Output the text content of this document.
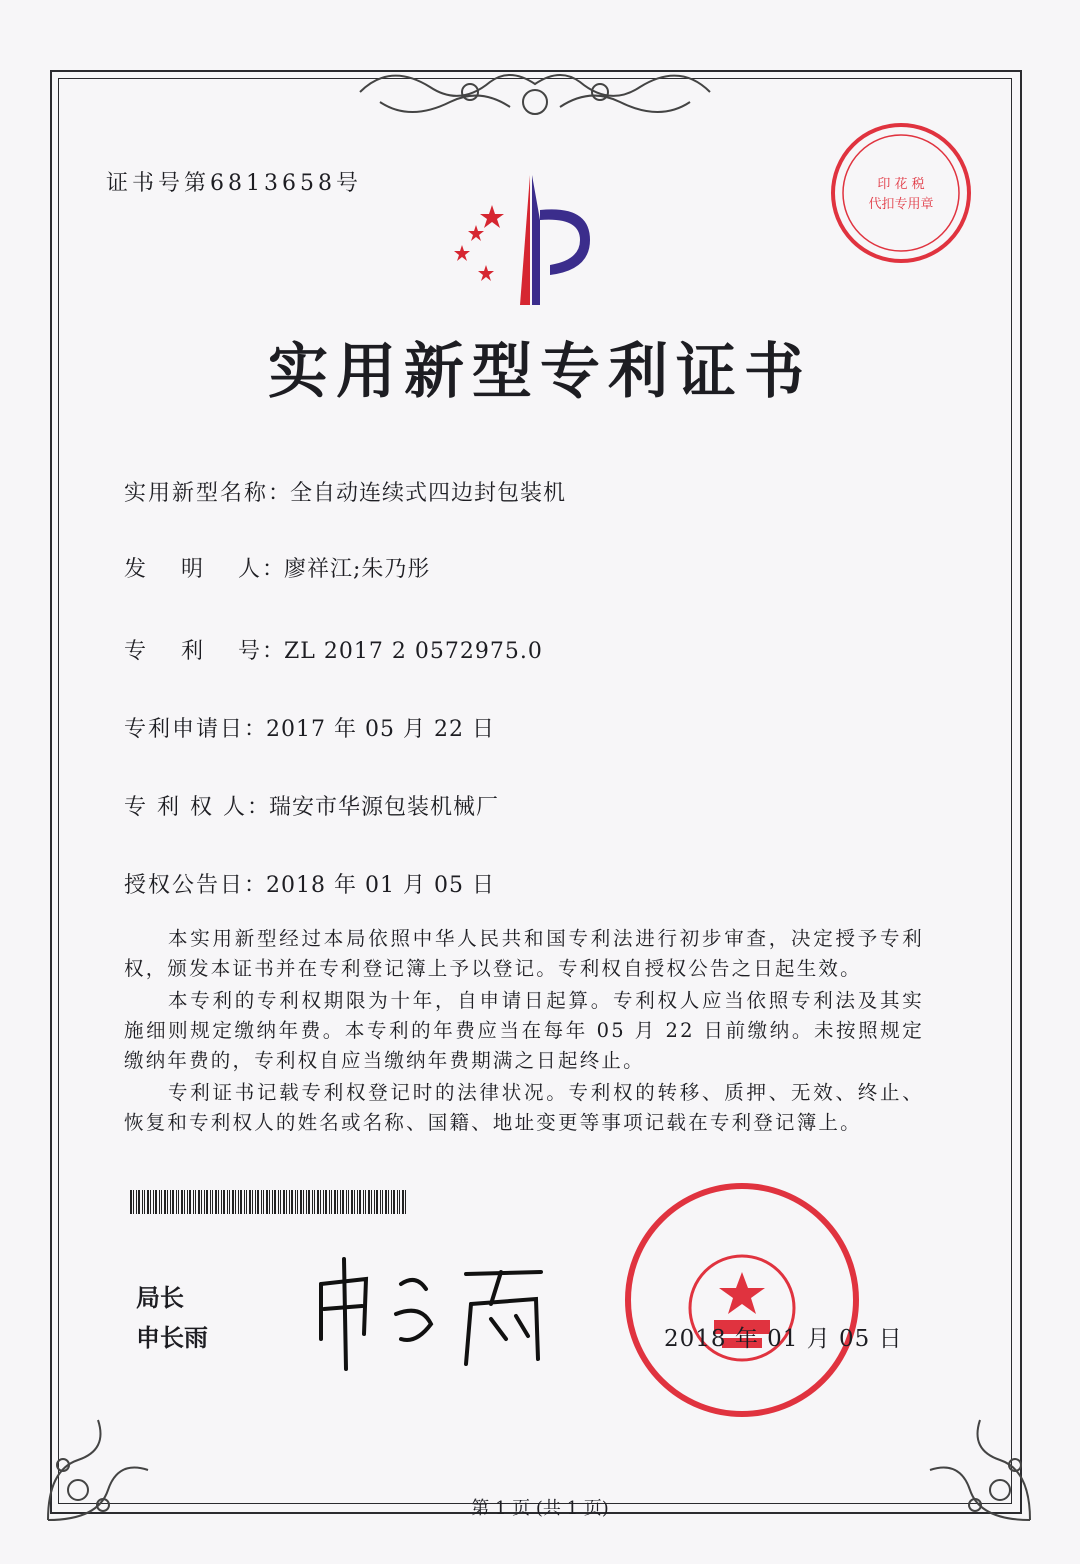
证书号第6813658号	印 花 税
代扣专用章
实用新型专利证书
实用新型名称：全自动连续式四边封包装机
发　 明 　人：廖祥江;朱乃彤
专 　利 　号：ZL 2017 2 0572975.0
专利申请日：2017 年 05 月 22 日
专 利 权 人：瑞安市华源包装机械厂
授权公告日：2018 年 01 月 05 日
本实用新型经过本局依照中华人民共和国专利法进行初步审查，决定授予专利权，颁发本证书并在专利登记簿上予以登记。专利权自授权公告之日起生效。
本专利的专利权期限为十年，自申请日起算。专利权人应当依照专利法及其实施细则规定缴纳年费。本专利的年费应当在每年 05 月 22 日前缴纳。未按照规定缴纳年费的，专利权自应当缴纳年费期满之日起终止。
专利证书记载专利权登记时的法律状况。专利权的转移、质押、无效、终止、恢复和专利权人的姓名或名称、国籍、地址变更等事项记载在专利登记簿上。
局长
申长雨	2018 年 01 月 05 日
第 1 页 (共 1 页)
